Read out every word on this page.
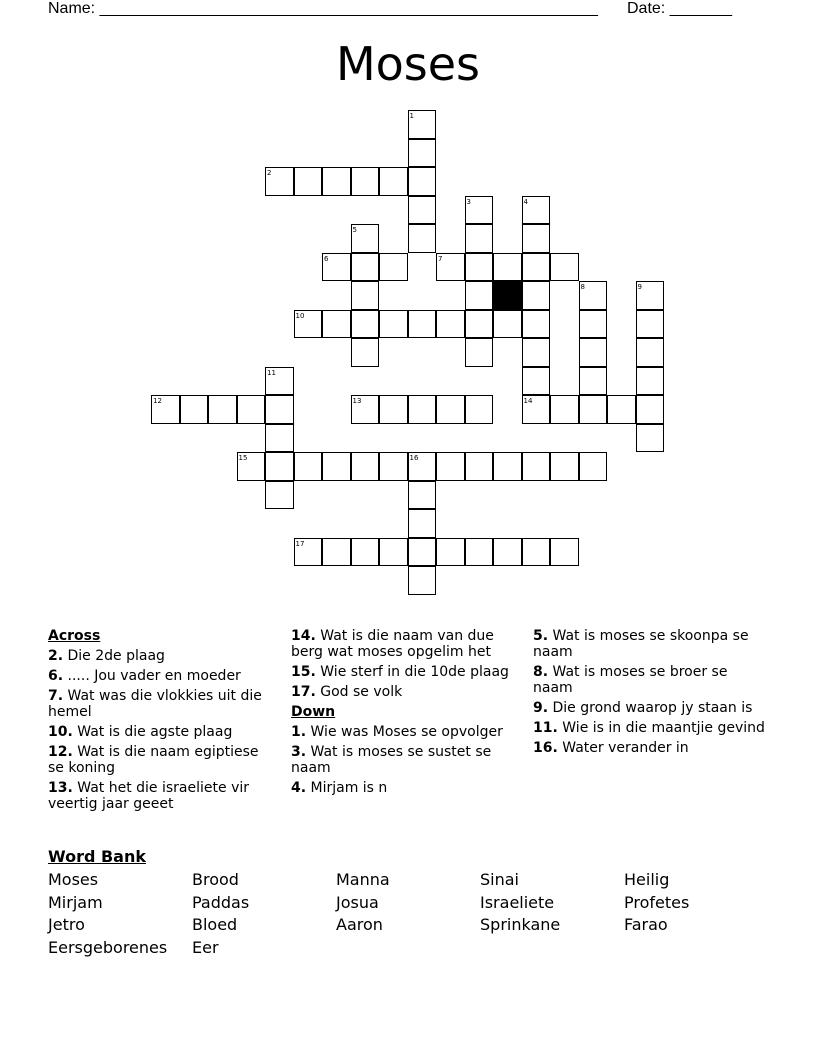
Name: ________________________________________________________	Date: _______
Moses
1
2
3	4
5
6	7
8	9
10
11
12	13	14
15	16
17
Across
2. Die 2de plaag
6. ..... Jou vader en moeder
7. Wat was die vlokkies uit die hemel
10. Wat is die agste plaag
12. Wat is die naam egiptiese se koning
13. Wat het die israeliete vir veertig jaar geeet
14. Wat is die naam van due berg wat moses opgelim het
15. Wie sterf in die 10de plaag
17. God se volk
Down
1. Wie was Moses se opvolger
3. Wat is moses se sustet se naam
4. Mirjam is n
5. Wat is moses se skoonpa se naam
8. Wat is moses se broer se naam
9. Die grond waarop jy staan is
11. Wie is in die maantjie gevind
16. Water verander in
Word Bank
Moses	Brood	Manna	Sinai	Heilig
Mirjam	Paddas	Josua	Israeliete	Profetes
Jetro	Bloed	Aaron	Sprinkane	Farao
Eersgeborenes	Eer
